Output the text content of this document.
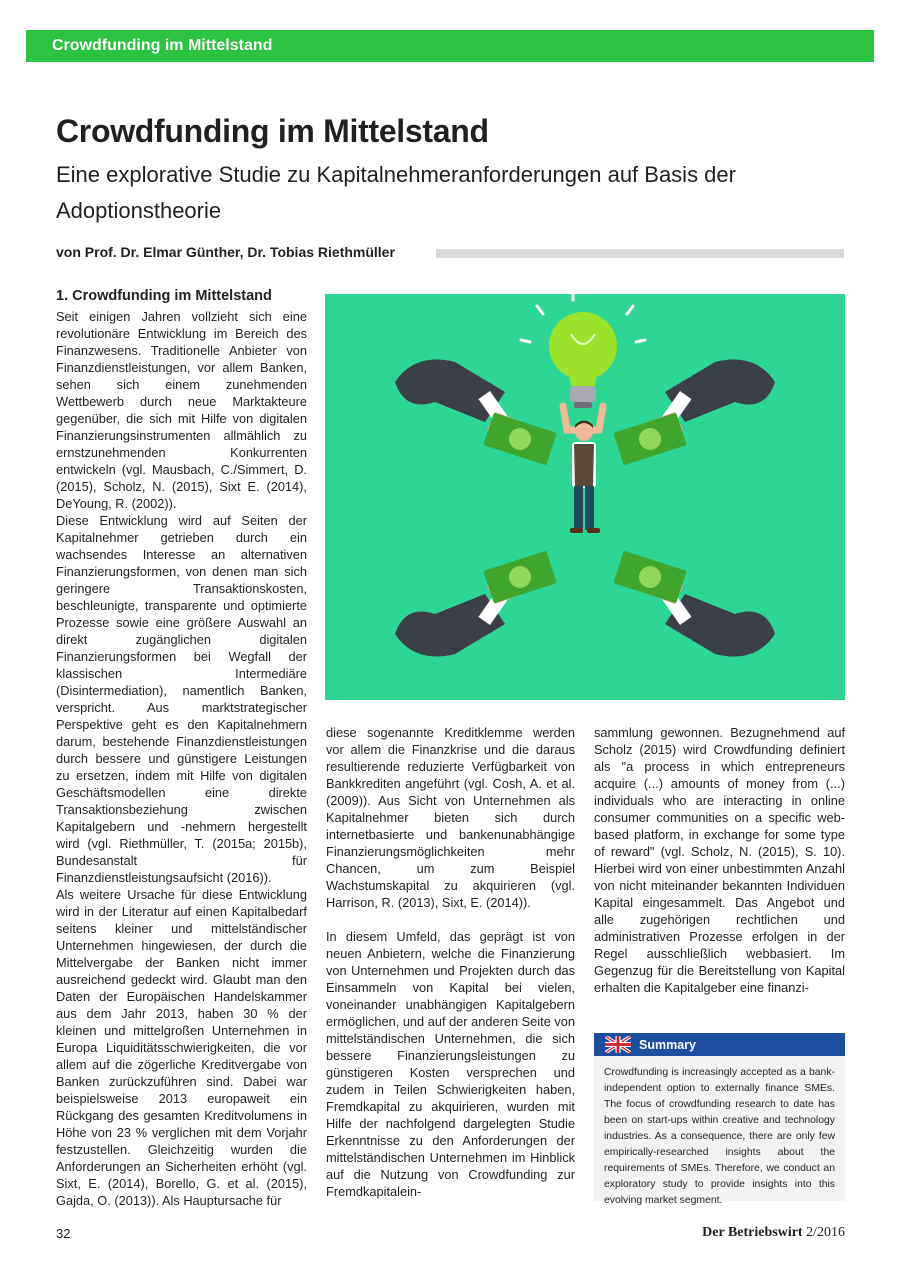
Crowdfunding im Mittelstand
Crowdfunding im Mittelstand

Eine explorative Studie zu Kapitalnehmeranforderungen auf Basis der Adoptionstheorie

von Prof. Dr. Elmar Günther, Dr. Tobias Riethmüller
1. Crowdfunding im Mittelstand

Seit einigen Jahren vollzieht sich eine revolutionäre Entwicklung im Bereich des Finanzwesens. Traditionelle Anbieter von Finanzdienstleistungen, vor allem Banken, sehen sich einem zunehmenden Wettbewerb durch neue Marktakteure gegenüber, die sich mit Hilfe von digitalen Finanzierungsinstrumenten allmählich zu ernstzunehmenden Konkurrenten entwickeln (vgl. Mausbach, C./Simmert, D. (2015), Scholz, N. (2015), Sixt E. (2014), DeYoung, R. (2002)).

Diese Entwicklung wird auf Seiten der Kapitalnehmer getrieben durch ein wachsendes Interesse an alternativen Finanzierungsformen, von denen man sich geringere Transaktionskosten, beschleunigte, transparente und optimierte Prozesse sowie eine größere Auswahl an direkt zugänglichen digitalen Finanzierungsformen bei Wegfall der klassischen Intermediäre (Disintermediation), namentlich Banken, verspricht. Aus marktstrategischer Perspektive geht es den Kapitalnehmern darum, bestehende Finanzdienstleistungen durch bessere und günstigere Leistungen zu ersetzen, indem mit Hilfe von digitalen Geschäftsmodellen eine direkte Transaktionsbeziehung zwischen Kapitalgebern und -nehmern hergestellt wird (vgl. Riethmüller, T. (2015a; 2015b), Bundesanstalt für Finanzdienstleistungsaufsicht (2016)).

Als weitere Ursache für diese Entwicklung wird in der Literatur auf einen Kapitalbedarf seitens kleiner und mittelständischer Unternehmen hingewiesen, der durch die Mittelvergabe der Banken nicht immer ausreichend gedeckt wird. Glaubt man den Daten der Europäischen Handelskammer aus dem Jahr 2013, haben 30 % der kleinen und mittelgroßen Unternehmen in Europa Liquiditätsschwierigkeiten, die vor allem auf die zögerliche Kreditvergabe von Banken zurückzuführen sind. Dabei war beispielsweise 2013 europaweit ein Rückgang des gesamten Kreditvolumens in Höhe von 23 % verglichen mit dem Vorjahr festzustellen. Gleichzeitig wurden die Anforderungen an Sicherheiten erhöht (vgl. Sixt, E. (2014), Borello, G. et al. (2015), Gajda, O. (2013)). Als Hauptursache für

diese sogenannte Kreditklemme werden vor allem die Finanzkrise und die daraus resultierende reduzierte Verfügbarkeit von Bankkrediten angeführt (vgl. Cosh, A. et al. (2009)). Aus Sicht von Unternehmen als Kapitalnehmer bieten sich durch internetbasierte und bankenunabhängige Finanzierungsmöglichkeiten mehr Chancen, um zum Beispiel Wachstumskapital zu akquirieren (vgl. Harrison, R. (2013), Sixt, E. (2014)).

In diesem Umfeld, das geprägt ist von neuen Anbietern, welche die Finanzierung von Unternehmen und Projekten durch das Einsammeln von Kapital bei vielen, voneinander unabhängigen Kapitalgebern ermöglichen, und auf der anderen Seite von mittelständischen Unternehmen, die sich bessere Finanzierungsleistungen zu günstigeren Kosten versprechen und zudem in Teilen Schwierigkeiten haben, Fremdkapital zu akquirieren, wurden mit Hilfe der nachfolgend dargelegten Studie Erkenntnisse zu den Anforderungen der mittelständischen Unternehmen im Hinblick auf die Nutzung von Crowdfunding zur Fremdkapitalein-

sammlung gewonnen. Bezugnehmend auf Scholz (2015) wird Crowdfunding definiert als "a process in which entrepreneurs acquire (...) amounts of money from (...) individuals who are interacting in online consumer communities on a specific web-based platform, in exchange for some type of reward" (vgl. Scholz, N. (2015), S. 10). Hierbei wird von einer unbestimmten Anzahl von nicht miteinander bekannten Individuen Kapital eingesammelt. Das Angebot und alle zugehörigen rechtlichen und administrativen Prozesse erfolgen in der Regel ausschließlich webbasiert. Im Gegenzug für die Bereitstellung von Kapital erhalten die Kapitalgeber eine finanzi-

Summary
Crowdfunding is increasingly accepted as a bank-independent option to externally finance SMEs. The focus of crowdfunding research to date has been on start-ups within creative and technology industries. As a consequence, there are only few empirically-researched insights about the requirements of SMEs. Therefore, we conduct an exploratory study to provide insights into this evolving market segment.
32	Der Betriebswirt 2/2016
